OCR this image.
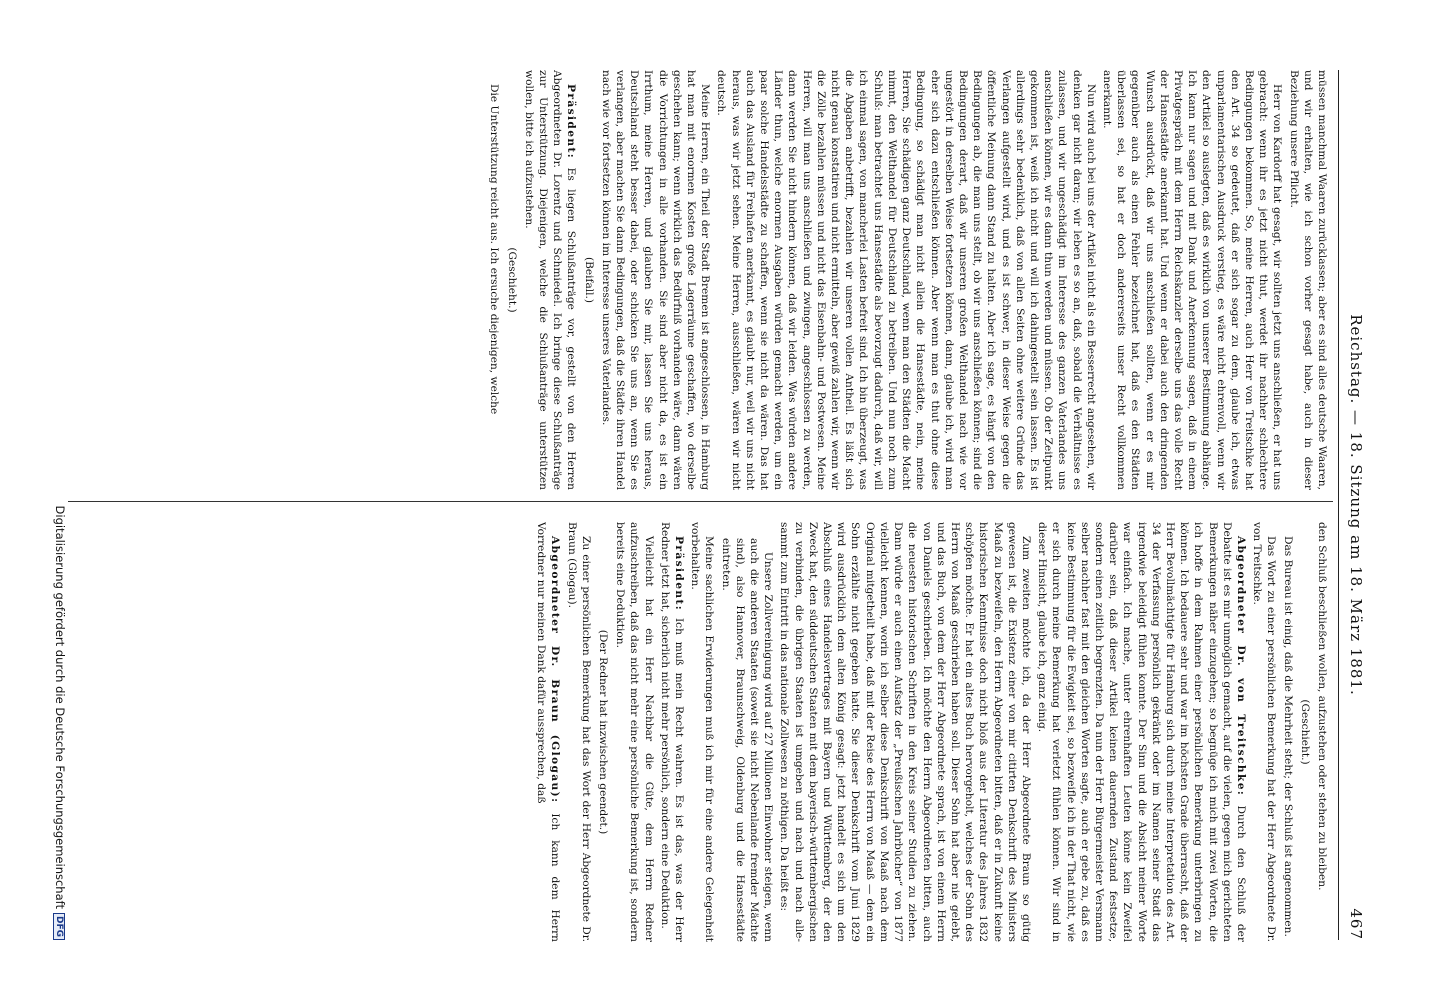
Reichstag. — 18. Sitzung am 18. März 1881.
467

müssen manchmal Waaren zurücklassen; aber es sind alles deutsche Waaren, und wir erhalten, wie ich schon vorher gesagt habe, auch in dieser Beziehung unsere Pflicht.

Herr von Kardorff hat gesagt, wir sollten jetzt uns anschließen, er hat uns gebracht: wenn ihr es jetzt nicht thut, werdet ihr nachher schlechtere Bedingungen bekommen. So, meine Herren, auch Herr von Treitschke hat den Art. 34 so gedeutet, daß er sich sogar zu dem, glaube ich, etwas unparlamentarischen Ausdruck verstieg, es wäre nicht ehrenvoll, wenn wir den Artikel so auslegten, daß es wirklich von unserer Bestimmung abhänge. Ich kann nur sagen und mit Dank und Anerkennung sagen, daß in einem Privatgespräch mit dem Herrn Reichskanzler derselbe uns das volle Recht der Hansestädte anerkannt hat. Und wenn er dabei auch den dringenden Wunsch ausdrückt, daß wir uns anschließen sollten, wenn er es mir gegenüber auch als einen Fehler bezeichnet hat, daß es den Städten überlassen sei, so hat er doch andererseits unser Recht vollkommen anerkannt.

Nun wird auch bei uns der Artikel nicht als ein Besserrecht angesehen, wir denken gar nicht daran; wir leben es so an, daß, sobald die Verhältnisse es zulassen, und wir ungeschädigt im Interesse des ganzen Vaterlandes uns anschließen können, wir es dann thun werden und müssen. Ob der Zeitpunkt gekommen ist, weiß ich nicht und will ich dahingestellt sein lassen. Es ist allerdings sehr bedenklich, daß von allen Seiten ohne weitere Gründe das Verlangen aufgestellt wird, und es ist schwer, in dieser Weise gegen die öffentliche Meinung dann Stand zu halten. Aber ich sage, es hängt von den Bedingungen ab, die man uns stellt, ob wir uns anschließen können; sind die Bedingungen derart, daß wir unseren großen Welthandel nach wie vor ungestört in derselben Weise fortsetzen können, dann, glaube ich, wird man eher sich dazu entschließen können. Aber wenn man es thut ohne diese Bedingung, so schädigt man nicht allein die Hansestädte, nein, meine Herren, Sie schädigen ganz Deutschland, wenn man den Städten die Macht nimmt, den Welthandel für Deutschland zu betreiben. Und nun noch zum Schluß: man betrachtet uns Hansestädte als bevorzugt dadurch, daß wir, will ich einmal sagen, von mancherlei Lasten befreit sind. Ich bin überzeugt, was die Abgaben anbetrifft, bezahlen wir unseren vollen Antheil. Es läßt sich nicht genau konstatiren und nicht ermitteln, aber gewiß zahlen wir, wenn wir die Zölle bezahlen müssen und nicht das Eisenbahn- und Postwesen. Meine Herren, will man uns anschließen und zwingen, angeschlossen zu werden, dann werden Sie nicht hindern können, daß wir leiden. Was würden andere Länder thun, welche enormen Ausgaben würden gemacht werden, um ein paar solche Handelsstädte zu schaffen, wenn sie nicht da wären. Das hat auch das Ausland für Freihafen anerkannt, es glaubt nur, weil wir uns nicht heraus, was wir jetzt sehen. Meine Herren, ausschließen, wären wir nicht deutsch.

Meine Herren, ein Theil der Stadt Bremen ist angeschlossen, in Hamburg hat man mit enormen Kosten große Lagerräume geschaffen, wo derselbe geschehen kann; wenn wirklich das Bedürfniß vorhanden wäre, dann wären die Vorrichtungen in alle vorhanden. Sie sind aber nicht da, es ist ein Irrthum, meine Herren, und glauben Sie mir, lassen Sie uns heraus, Deutschland steht besser dabei, oder schicken Sie uns an, wenn Sie es verlangen, aber machen Sie dann Bedingungen, daß die Städte ihren Handel nach wie vor fortsetzen können im Interesse unseres Vaterlandes.

(Beifall.)

Präsident: Es liegen Schlußanträge vor, gestellt von den Herren Abgeordneten Dr. Lorentz und Schmiedel. Ich bringe diese Schlußanträge zur Unterstützung. Diejenigen, welche die Schlußanträge unterstützen wollen, bitte ich aufzustehen.

(Geschieht.)

Die Unterstützung reicht aus. Ich ersuche diejenigen, welche

den Schluß beschließen wollen, aufzustehen oder stehen zu bleiben.

(Geschieht.)

Das Bureau ist einig, daß die Mehrheit steht; der Schluß ist angenommen.

Das Wort zu einer persönlichen Bemerkung hat der Herr Abgeordnete Dr. von Treitschke.

Abgeordneter Dr. von Treitschke: Durch den Schluß der Debatte ist es mir unmöglich gemacht, auf die vielen, gegen mich gerichteten Bemerkungen näher einzugehen; so begnüge ich mich mit zwei Worten, die ich hoffe in dem Rahmen einer persönlichen Bemerkung unterbringen zu können. Ich bedauere sehr und war im höchsten Grade überrascht, daß der Herr Bevollmächtigte für Hamburg sich durch meine Interpretation des Art. 34 der Verfassung persönlich gekränkt oder im Namen seiner Stadt das irgendwie beleidigt fühlen konnte. Der Sinn und die Absicht meiner Worte war einfach. Ich mache, unter ehrenhaften Leuten könne kein Zweifel darüber sein, daß dieser Artikel keinen dauernden Zustand festsetze, sondern einen zeitlich begrenzten. Da nun der Herr Bürgermeister Versmann selber nachher fast mit den gleichen Worten sagte, auch er gebe zu, daß es keine Bestimmung für die Ewigkeit sei, so bezweifle ich in der That nicht, wie er sich durch meine Bemerkung hat verletzt fühlen können. Wir sind in dieser Hinsicht, glaube ich, ganz einig.

Zum zweiten möchte ich, da der Herr Abgeordnete Braun so gütig gewesen ist, die Existenz einer von mir citirten Denkschrift des Ministers Maaß zu bezweifeln, den Herrn Abgeordneten bitten, daß er in Zukunft keine historischen Kenntnisse doch nicht bloß aus der Literatur des Jahres 1832 schöpfen möchte. Er hat ein altes Buch hervorgeholt, welches der Sohn des Herrn von Maaß geschrieben haben soll. Dieser Sohn hat aber nie gelebt, und das Buch, von dem der Herr Abgeordnete sprach, ist von einem Herrn von Daniels geschrieben. Ich möchte den Herrn Abgeordneten bitten, auch die neuesten historischen Schriften in den Kreis seiner Studien zu ziehen. Dann würde er auch einen Aufsatz der „Preußischen Jahrbücher“ von 1877 vielleicht kennen, worin ich selber diese Denkschrift von Maaß nach dem Original mitgetheilt habe, daß mit der Reise des Herrn von Maaß — dem ein Sohn erzählte nicht gegeben hatte. Sie dieser Denkschrift vom Juni 1829 wird ausdrücklich dem alten König gesagt: jetzt handelt es sich um den Abschluß eines Handelsvertrages mit Bayern und Württemberg, der den Zweck hat, den süddeutschen Staaten mit dem bayerisch-württembergischen zu verbinden, die übrigen Staaten ist umgeben und nach und nach alle- sammt zum Eintritt in das nationale Zollwesen zu nöthigen. Da heißt es:

Unsere Zollvereinigung wird auf 27 Millionen Einwohner steigen, wenn auch die anderen Staaten (soweit sie nicht Nebenlande fremder Mächte sind), also Hannover, Braunschweig, Oldenburg und die Hansestädte eintreten.

Meine sachlichen Erwiderungen muß ich mir für eine andere Gelegenheit vorbehalten.

Präsident: Ich muß mein Recht wahren. Es ist das, was der Herr Redner jetzt hat, sicherlich nicht mehr persönlich, sondern eine Deduktion.

Vielleicht hat ein Herr Nachbar die Güte, dem Herrn Redner aufzuschreiben, daß das nicht mehr eine persönliche Bemerkung ist, sondern bereits eine Deduktion.

(Der Redner hat inzwischen geendet.)

Zu einer persönlichen Bemerkung hat das Wort der Herr Abgeordnete Dr. Braun (Glogau).

Abgeordneter Dr. Braun (Glogau): Ich kann dem Herrn Vorredner nur meinen Dank dafür aussprechen, daß

Digitalisierung gefördert durch die Deutsche ForschungsgemeinschaftDFG
